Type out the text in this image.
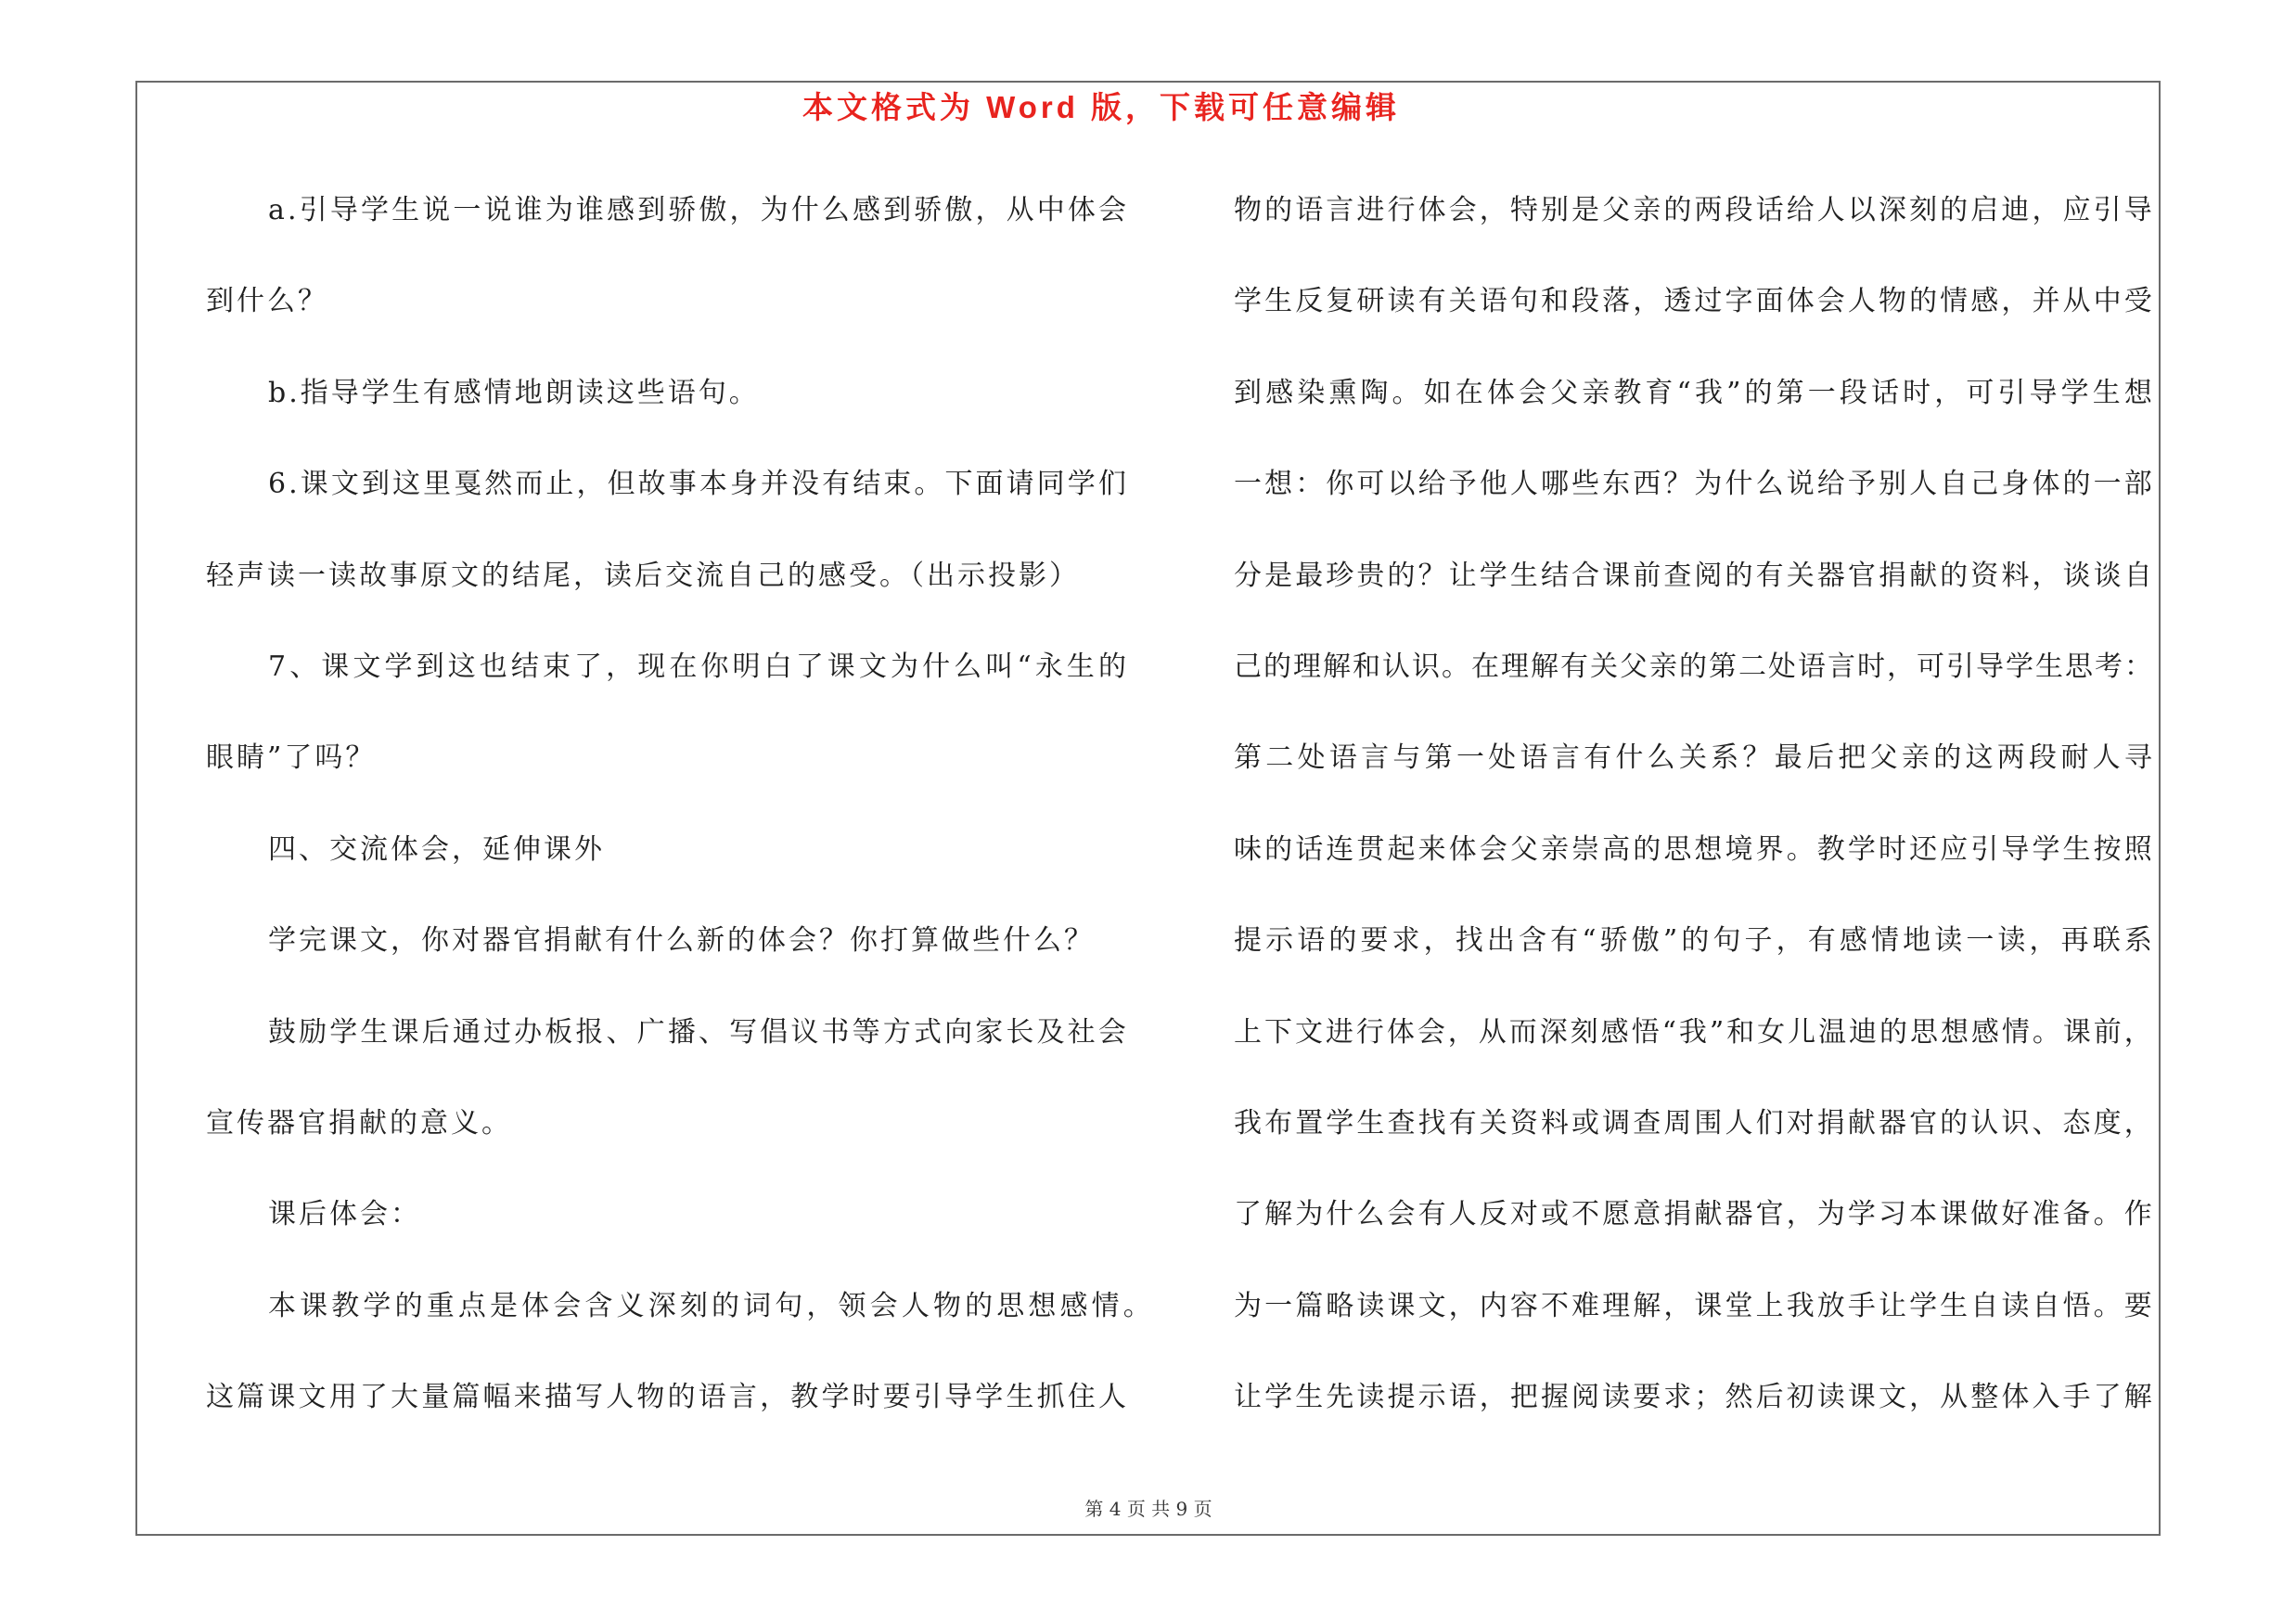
本文格式为 Word 版，下载可任意编辑
a . 引 导 学 生 说 一 说 谁 为 谁 感 到 骄 傲 ， 为 什 么 感 到 骄 傲 ， 从 中 体 会
到什么？
b.指导学生有感情地朗读这些语句。
6 . 课 文 到 这 里 戛 然 而 止 ， 但 故 事 本 身 并 没 有 结 束 。 下 面 请 同 学 们
轻声读一读故事原文的结尾，读后交流自己的感受。（出示投影）
7 、 课 文 学 到 这 也 结 束 了 ， 现 在 你 明 白 了 课 文 为 什 么 叫 “ 永 生 的
眼睛”了吗？
四、交流体会，延伸课外
学完课文，你对器官捐献有什么新的体会？你打算做些什么？
鼓 励 学 生 课 后 通 过 办 板 报 、 广 播 、 写 倡 议 书 等 方 式 向 家 长 及 社 会
宣传器官捐献的意义。
课后体会：
本 课 教 学 的 重 点 是 体 会 含 义 深 刻 的 词 句 ， 领 会 人 物 的 思 想 感 情 。
这 篇 课 文 用 了 大 量 篇 幅 来 描 写 人 物 的 语 言 ， 教 学 时 要 引 导 学 生 抓 住 人
物 的 语 言 进 行 体 会 ， 特 别 是 父 亲 的 两 段 话 给 人 以 深 刻 的 启 迪 ， 应 引 导
学 生 反 复 研 读 有 关 语 句 和 段 落 ， 透 过 字 面 体 会 人 物 的 情 感 ， 并 从 中 受
到 感 染 熏 陶 。 如 在 体 会 父 亲 教 育 “ 我 ” 的 第 一 段 话 时 ， 可 引 导 学 生 想
一 想 ： 你 可 以 给 予 他 人 哪 些 东 西 ？ 为 什 么 说 给 予 别 人 自 己 身 体 的 一 部
分 是 最 珍 贵 的 ？ 让 学 生 结 合 课 前 查 阅 的 有 关 器 官 捐 献 的 资 料 ， 谈 谈 自
己 的 理 解 和 认 识 。 在 理 解 有 关 父 亲 的 第 二 处 语 言 时 ， 可 引 导 学 生 思 考 ：
第 二 处 语 言 与 第 一 处 语 言 有 什 么 关 系 ？ 最 后 把 父 亲 的 这 两 段 耐 人 寻
味 的 话 连 贯 起 来 体 会 父 亲 崇 高 的 思 想 境 界 。 教 学 时 还 应 引 导 学 生 按 照
提 示 语 的 要 求 ， 找 出 含 有 “ 骄 傲 ” 的 句 子 ， 有 感 情 地 读 一 读 ， 再 联 系
上 下 文 进 行 体 会 ， 从 而 深 刻 感 悟 “ 我 ” 和 女 儿 温 迪 的 思 想 感 情 。 课 前 ，
我 布 置 学 生 查 找 有 关 资 料 或 调 查 周 围 人 们 对 捐 献 器 官 的 认 识 、 态 度 ，
了 解 为 什 么 会 有 人 反 对 或 不 愿 意 捐 献 器 官 ， 为 学 习 本 课 做 好 准 备 。 作
为 一 篇 略 读 课 文 ， 内 容 不 难 理 解 ， 课 堂 上 我 放 手 让 学 生 自 读 自 悟 。 要
让 学 生 先 读 提 示 语 ， 把 握 阅 读 要 求 ； 然 后 初 读 课 文 ， 从 整 体 入 手 了 解
第 4 页 共 9 页
